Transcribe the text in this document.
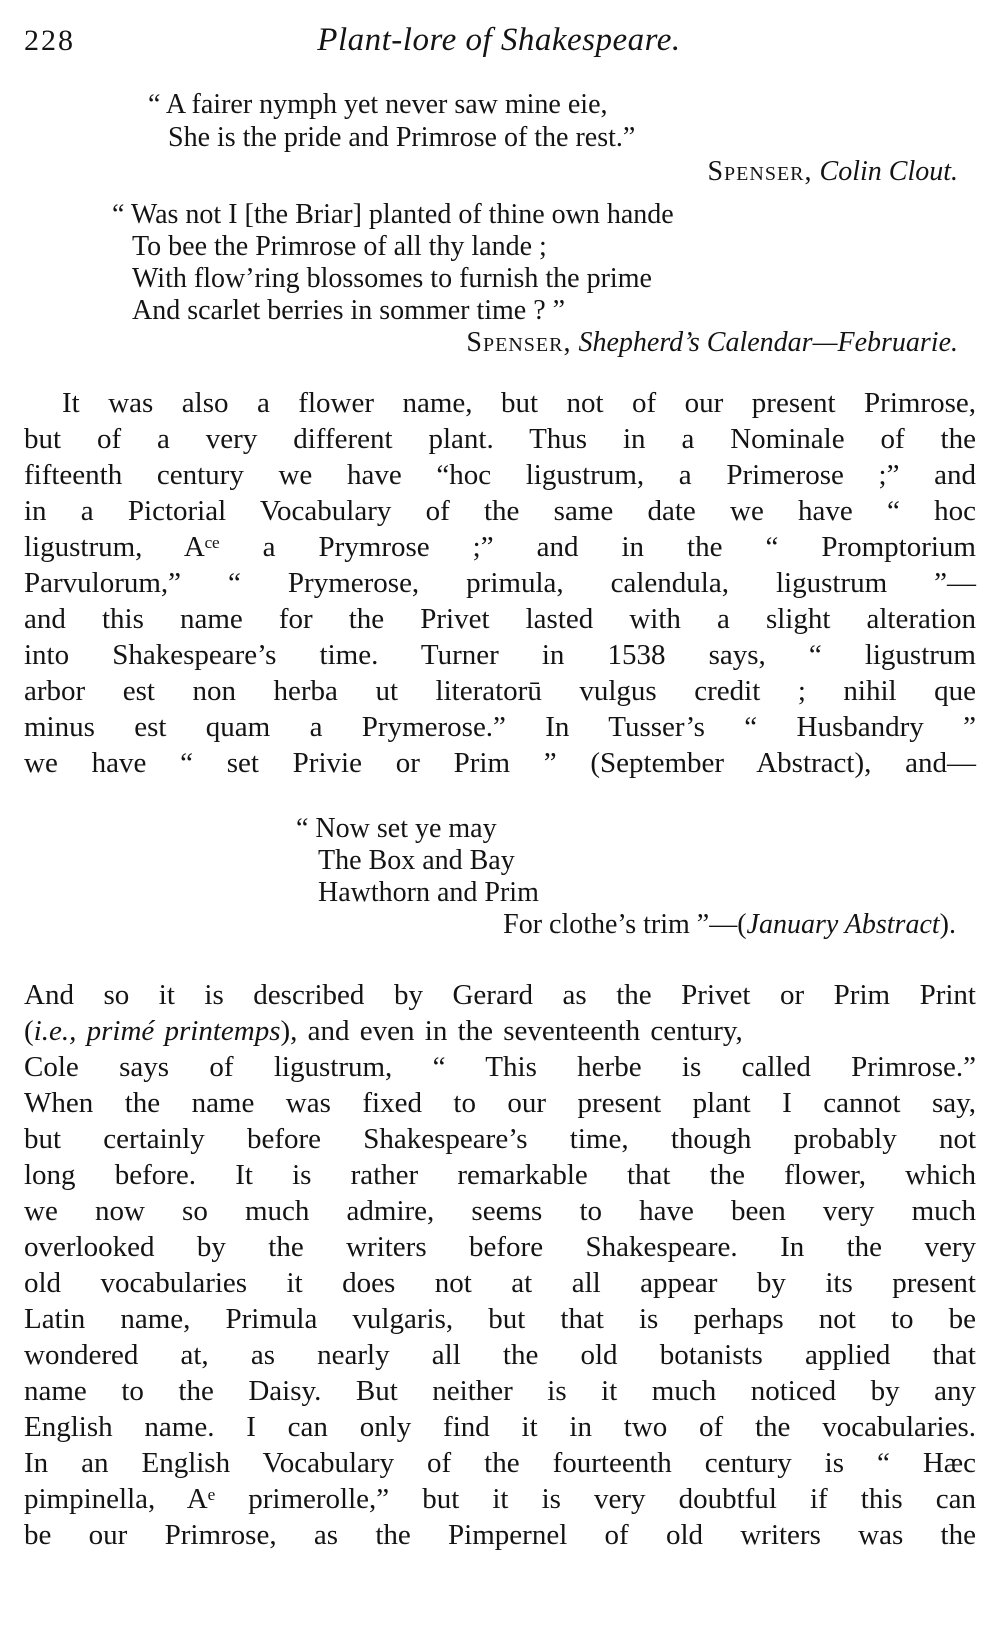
228	Plant-lore of Shakespeare.
“ A fairer nymph yet never saw mine eie,
She is the pride and Primrose of the rest.”
Spenser, Colin Clout.
“ Was not I [the Briar] planted of thine own hande
To bee the Primrose of all thy lande ;
With flow’ring blossomes to furnish the prime
And scarlet berries in sommer time ? ”
Spenser, Shepherd’s Calendar—Februarie.
It was also a flower name, but not of our present Primrose,
but of a very different plant. Thus in a Nominale of the
fifteenth century we have “hoc ligustrum, a Primerose ;” and
in a Pictorial Vocabulary of the same date we have “ hoc
ligustrum, Aᶜᵉ a Prymrose ;” and in the “ Promptorium
Parvulorum,” “ Prymerose, primula, calendula, ligustrum ”—
and this name for the Privet lasted with a slight alteration
into Shakespeare’s time. Turner in 1538 says, “ ligustrum
arbor est non herba ut literatorū vulgus credit ; nihil que
minus est quam a Prymerose.” In Tusser’s “ Husbandry ”
we have “ set Privie or Prim ” (September Abstract), and—
“ Now set ye may
The Box and Bay
Hawthorn and Prim
For clothe’s trim ”—(January Abstract).
And so it is described by Gerard as the Privet or Prim Print
(i.e., primé printemps), and even in the seventeenth century,
Cole says of ligustrum, “ This herbe is called Primrose.”
When the name was fixed to our present plant I cannot say,
but certainly before Shakespeare’s time, though probably not
long before. It is rather remarkable that the flower, which
we now so much admire, seems to have been very much
overlooked by the writers before Shakespeare. In the very
old vocabularies it does not at all appear by its present
Latin name, Primula vulgaris, but that is perhaps not to be
wondered at, as nearly all the old botanists applied that
name to the Daisy. But neither is it much noticed by any
English name. I can only find it in two of the vocabularies.
In an English Vocabulary of the fourteenth century is “ Hæc
pimpinella, Aᵉ primerolle,” but it is very doubtful if this can
be our Primrose, as the Pimpernel of old writers was the
